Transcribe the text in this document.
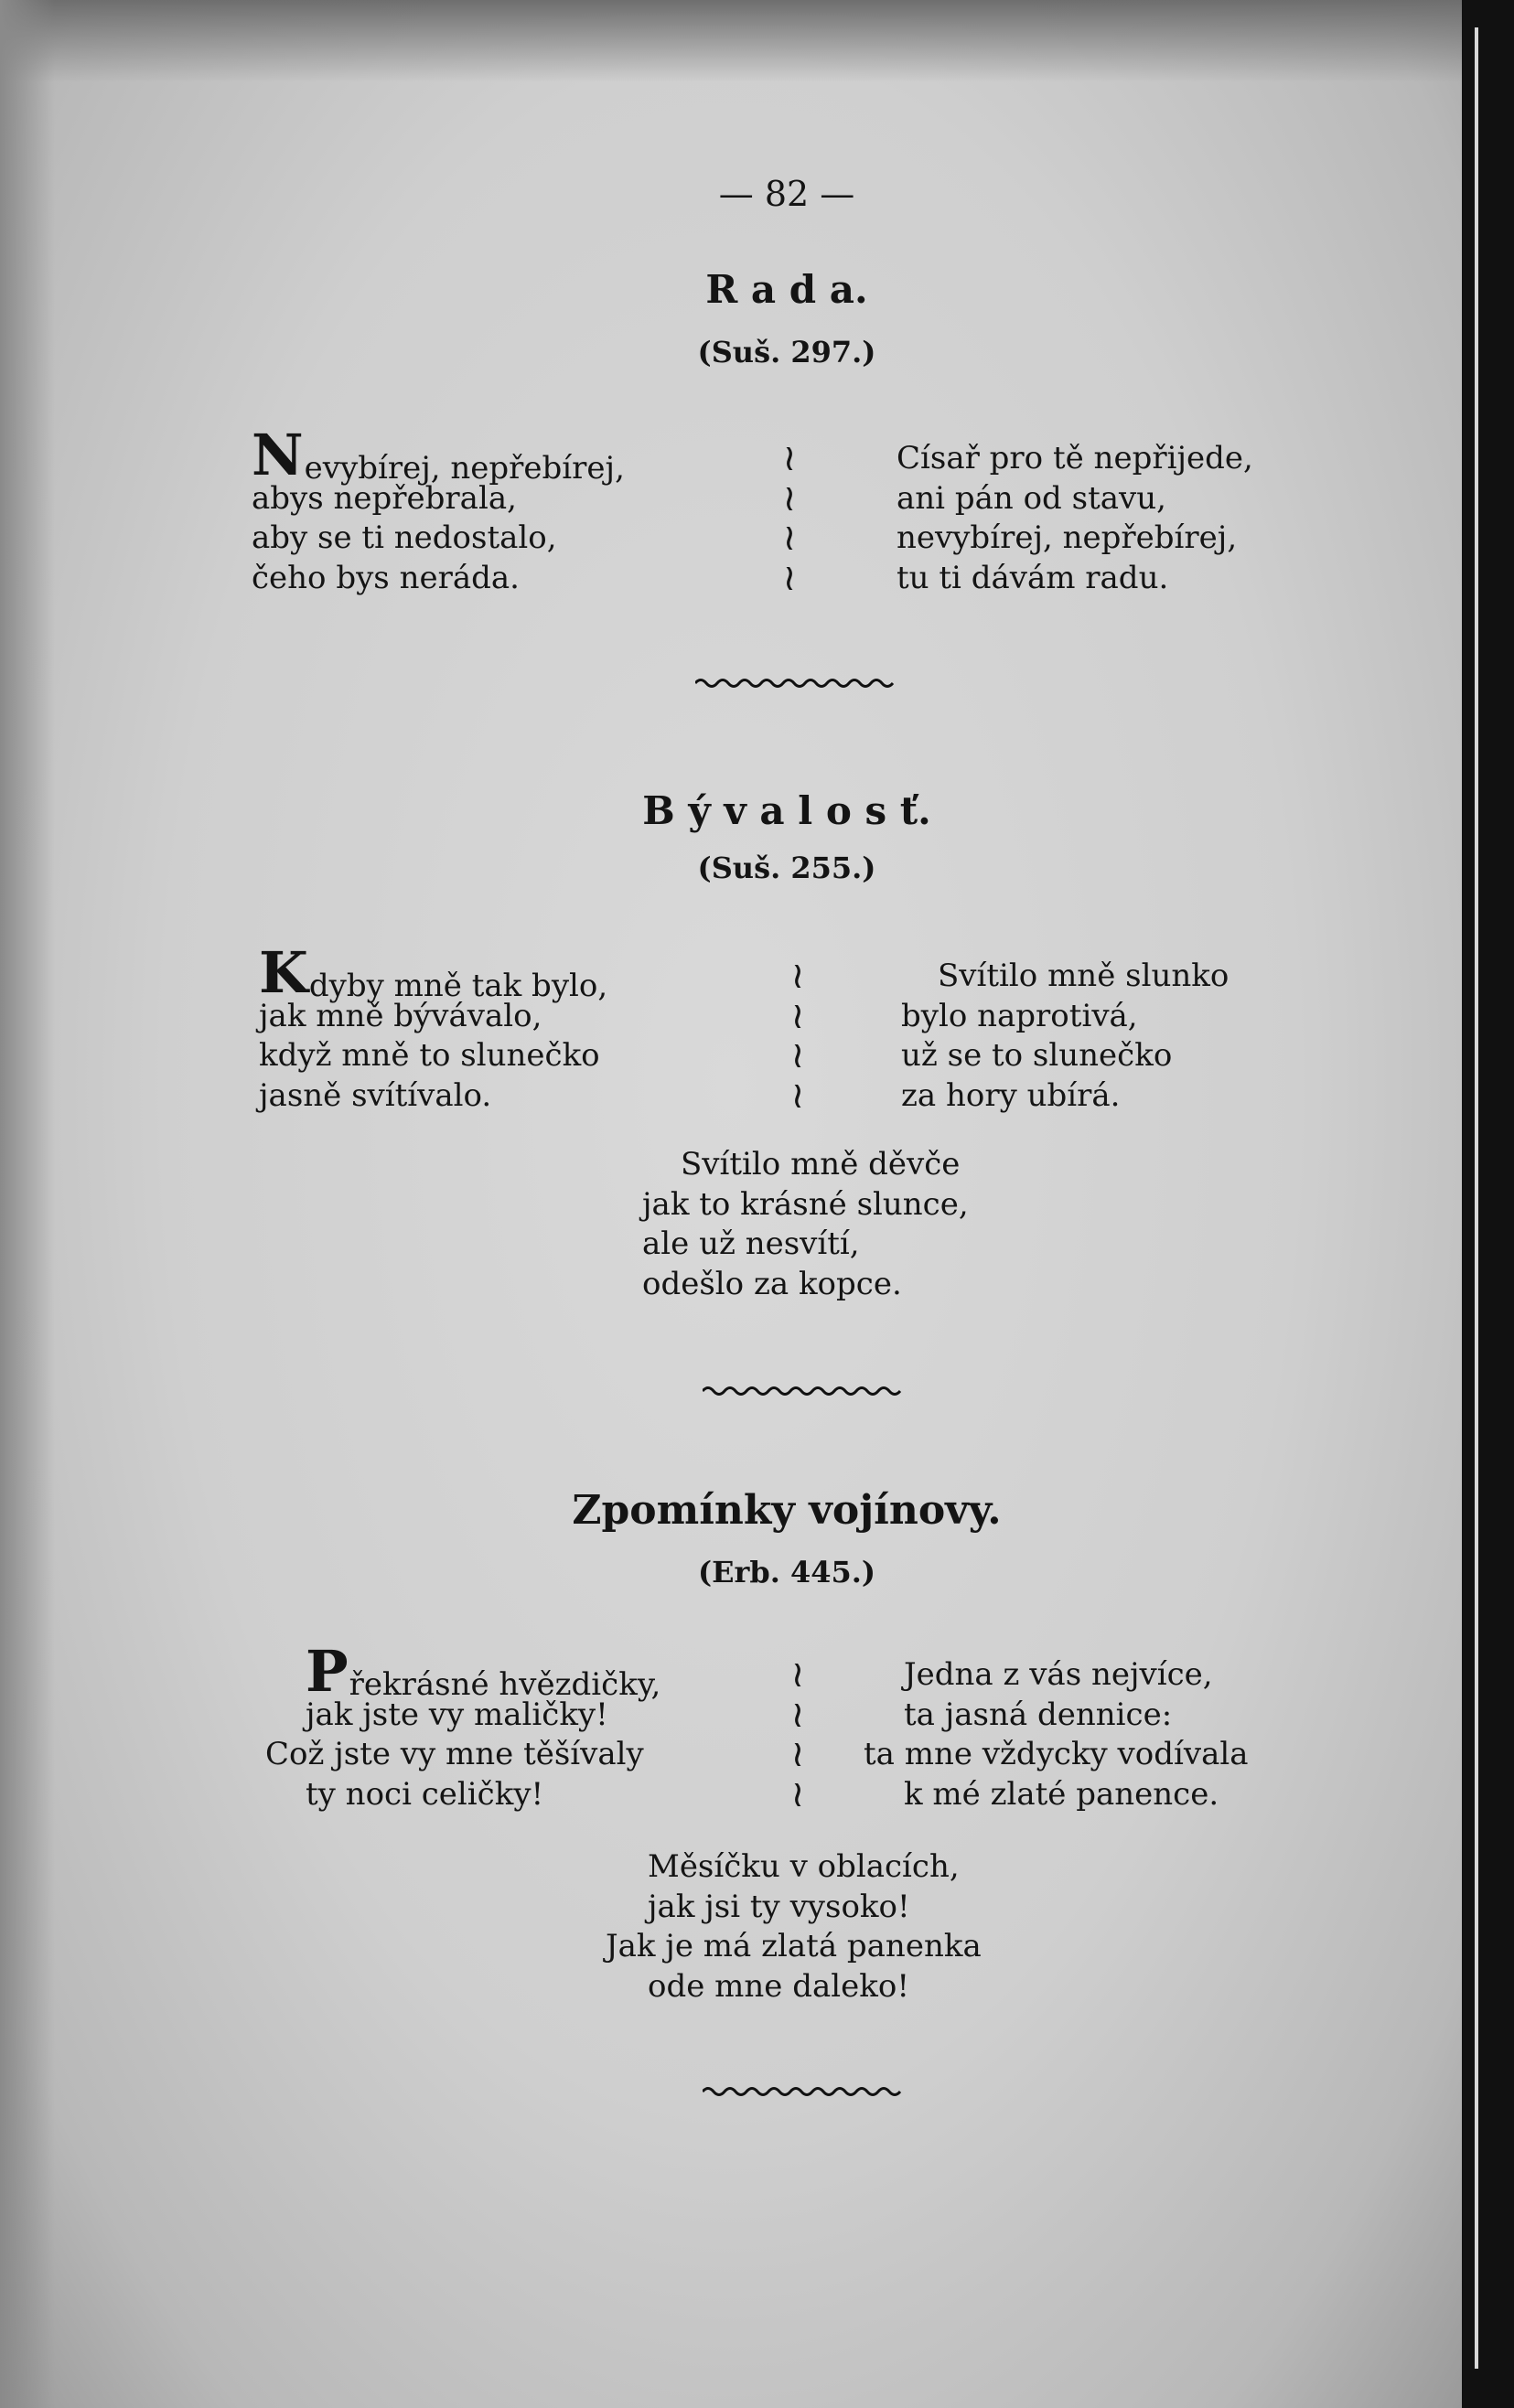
— 82 —
R a d a.
(Suš. 297.)
Nevybírej, nepřebírej,
abys nepřebrala,
aby se ti nedostalo,
čeho bys neráda.
≀
≀
≀
≀
Císař pro tě nepřijede,
ani pán od stavu,
nevybírej, nepřebírej,
tu ti dávám radu.
B ý v a l o s ť.
(Suš. 255.)
Kdyby mně tak bylo,
jak mně bývávalo,
když mně to slunečko
jasně svítívalo.
≀
≀
≀
≀
Svítilo mně slunko
bylo naprotivá,
už se to slunečko
za hory ubírá.
Svítilo mně děvče
jak to krásné slunce,
ale už nesvítí,
odešlo za kopce.
Zpomínky vojínovy.
(Erb. 445.)
Překrásné hvězdičky,
jak jste vy maličky!
Což jste vy mne těšívaly
ty noci celičky!
≀
≀
≀
≀
Jedna z vás nejvíce,
ta jasná dennice:
ta mne vždycky vodívala
k mé zlaté panence.
Měsíčku v oblacích,
jak jsi ty vysoko!
Jak je má zlatá panenka
ode mne daleko!
